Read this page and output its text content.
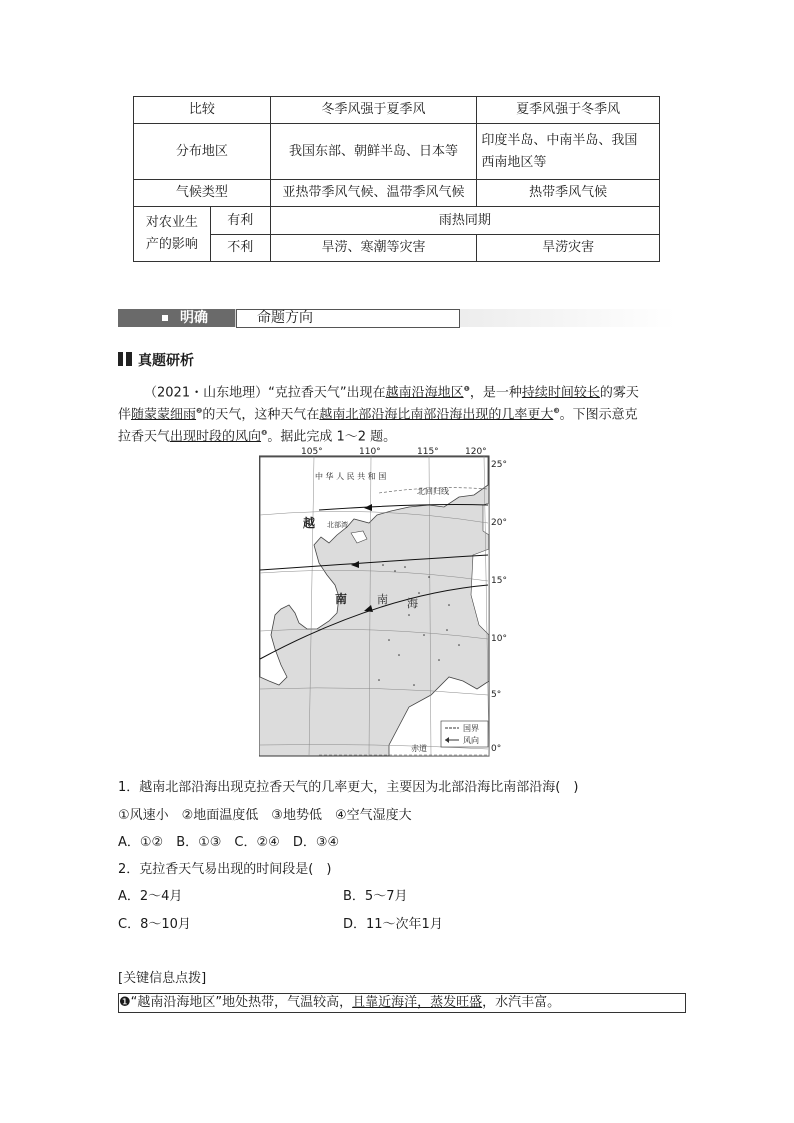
比较		冬季风强于夏季风	夏季风强于冬季风
分布地区		我国东部、朝鲜半岛、日本等	印度半岛、中南半岛、我国
西南地区等

气候类型		亚热带季风气候、温带季风气候	热带季风气候

对农业生
产的影响	有利	雨热同期	
	不利	旱涝、寒潮等灾害	旱涝灾害
明确	命题方向
真题研析
（2021・山东地理）“克拉香天气”出现在越南沿海地区$^❶$，是一种持续时间较长的雾天
伴随蒙蒙细雨$^❷$的天气，这种天气在越南北部沿海比南部沿海出现的几率更大$^❸$。下图示意克
拉香天气出现时段的风向$^❹$。据此完成 1～2 题。
105°	110°	115°	120°
25°
20°
15°
10°
5°
0°
中 华 人 民 共 和 国
北回归线
北部湾
越
南	南 海
赤道
国界
风向
1．越南北部沿海出现克拉香天气的几率更大，主要因为北部沿海比南部沿海(　)
①风速小　②地面温度低　③地势低　④空气湿度大
A．①②　B．①③　C．②④　D．③④
2．克拉香天气易出现的时间段是(　)
A．2～4月	B．5～7月
C．8～10月	D．11～次年1月
[关键信息点拨]
❶“越南沿海地区”地处热带，气温较高，且靠近海洋，蒸发旺盛，水汽丰富。
